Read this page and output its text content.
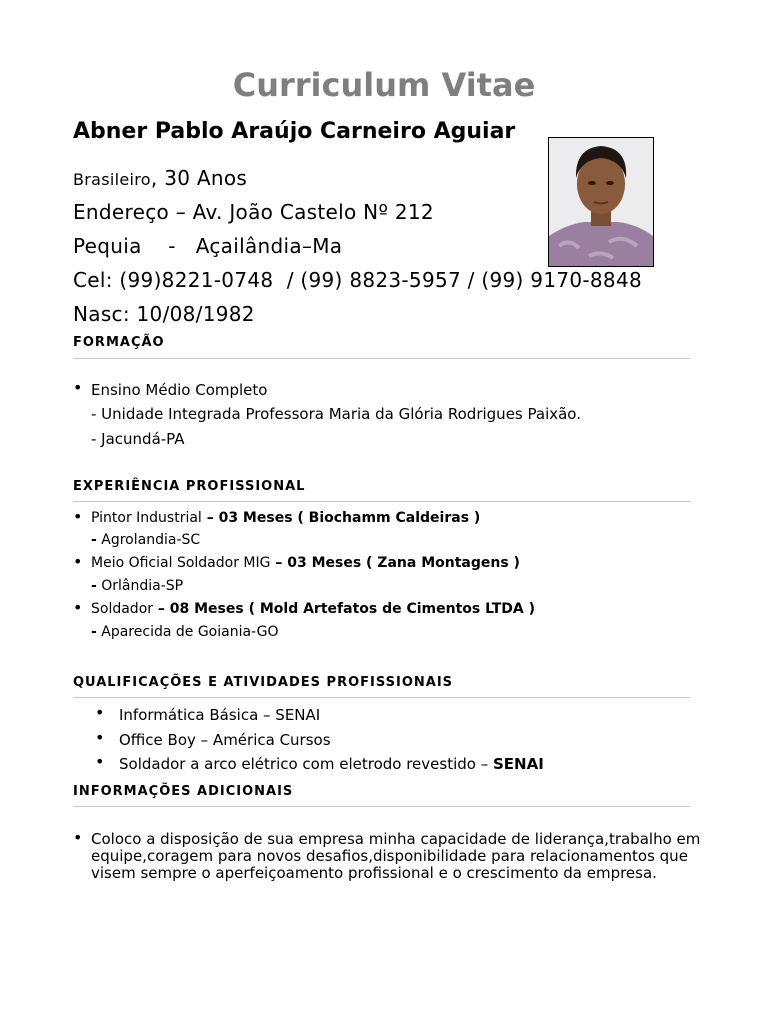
Curriculum Vitae
Abner Pablo Araújo Carneiro Aguiar
Brasileiro, 30 Anos
Endereço – Av. João Castelo Nº 212
Pequia    -   Açailândia–Ma
Cel: (99)8221-0748  / (99) 8823-5957 / (99) 9170-8848
Nasc: 10/08/1982
FORMAÇÃO
• Ensino Médio Completo
- Unidade Integrada Professora Maria da Glória Rodrigues Paixão.
- Jacundá-PA
EXPERIÊNCIA PROFISSIONAL
• Pintor Industrial – 03 Meses ( Biochamm Caldeiras )
- Agrolandia-SC
• Meio Oficial Soldador MIG – 03 Meses ( Zana Montagens )
- Orlândia-SP
• Soldador – 08 Meses ( Mold Artefatos de Cimentos LTDA )
- Aparecida de Goiania-GO
QUALIFICAÇÕES E ATIVIDADES PROFISSIONAIS
• Informática Básica – SENAI
• Office Boy – América Cursos
• Soldador a arco elétrico com eletrodo revestido – SENAI
INFORMAÇÕES ADICIONAIS
• Coloco a disposição de sua empresa minha capacidade de liderança,trabalho em equipe,coragem para novos desafios,disponibilidade para relacionamentos que visem sempre o aperfeiçoamento profissional e o crescimento da empresa.
